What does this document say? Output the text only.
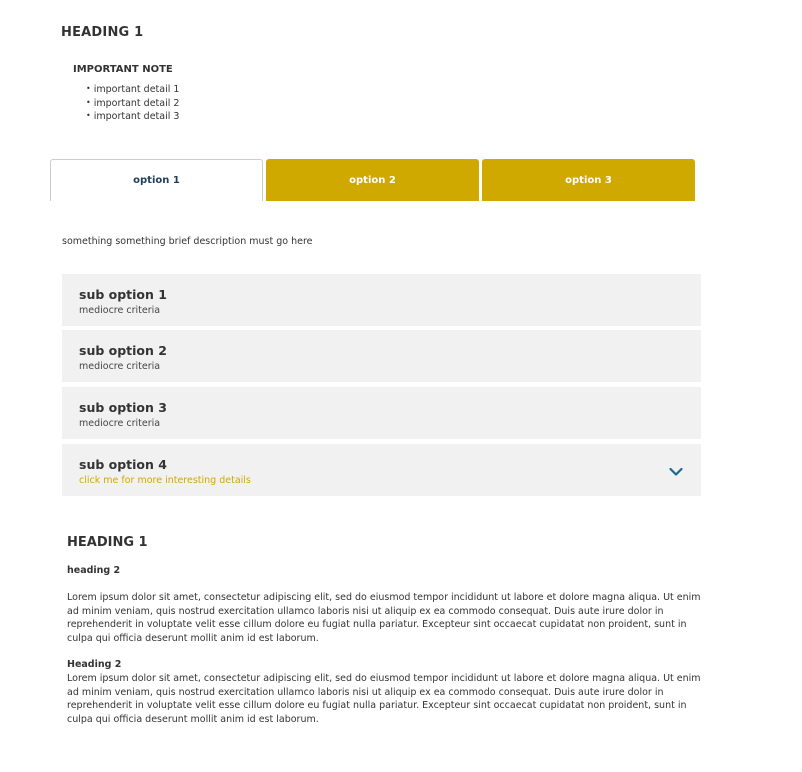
HEADING 1
IMPORTANT NOTE
• important detail 1
• important detail 2
• important detail 3
option 1	option 2	option 3

something something brief description must go here

sub option 1

mediocre criteria

sub option 2

mediocre criteria

sub option 3

mediocre criteria

sub option 4

click me for more interesting details

HEADING 1
heading 2

Lorem ipsum dolor sit amet, consectetur adipiscing elit, sed do eiusmod tempor incididunt ut labore et dolore magna aliqua. Ut enim ad minim veniam, quis nostrud exercitation ullamco laboris nisi ut aliquip ex ea commodo consequat. Duis aute irure dolor in reprehenderit in voluptate velit esse cillum dolore eu fugiat nulla pariatur. Excepteur sint occaecat cupidatat non proident, sunt in culpa qui officia deserunt mollit anim id est laborum.

Heading 2

Lorem ipsum dolor sit amet, consectetur adipiscing elit, sed do eiusmod tempor incididunt ut labore et dolore magna aliqua. Ut enim ad minim veniam, quis nostrud exercitation ullamco laboris nisi ut aliquip ex ea commodo consequat. Duis aute irure dolor in reprehenderit in voluptate velit esse cillum dolore eu fugiat nulla pariatur. Excepteur sint occaecat cupidatat non proident, sunt in culpa qui officia deserunt mollit anim id est laborum.
